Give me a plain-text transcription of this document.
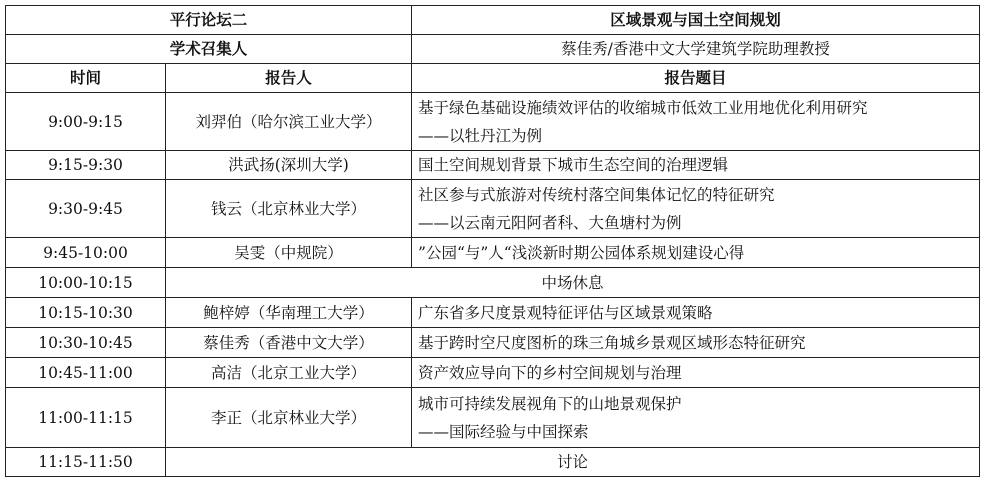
平行论坛二		区域景观与国土空间规划
学术召集人		蔡佳秀/香港中文大学建筑学院助理教授
时间	报告人	报告题目
9:00-9:15	刘羿伯（哈尔滨工业大学）	基于绿色基础设施绩效评估的收缩城市低效工业用地优化利用研究
——以牡丹江为例

9:15-9:30	洪武扬(深圳大学)	国土空间规划背景下城市生态空间的治理逻辑
9:30-9:45	钱云（北京林业大学）	社区参与式旅游对传统村落空间集体记忆的特征研究
——以云南元阳阿者科、大鱼塘村为例

9:45-10:00	吴雯（中规院）	”公园“与”人“浅淡新时期公园体系规划建设心得
10:00-10:15	中场休息	
10:15-10:30	鲍梓婷（华南理工大学）	广东省多尺度景观特征评估与区域景观策略
10:30-10:45	蔡佳秀（香港中文大学）	基于跨时空尺度图析的珠三角城乡景观区域形态特征研究
10:45-11:00	高洁（北京工业大学）	资产效应导向下的乡村空间规划与治理
11:00-11:15	李正（北京林业大学）	城市可持续发展视角下的山地景观保护
——国际经验与中国探索

11:15-11:50	讨论	
